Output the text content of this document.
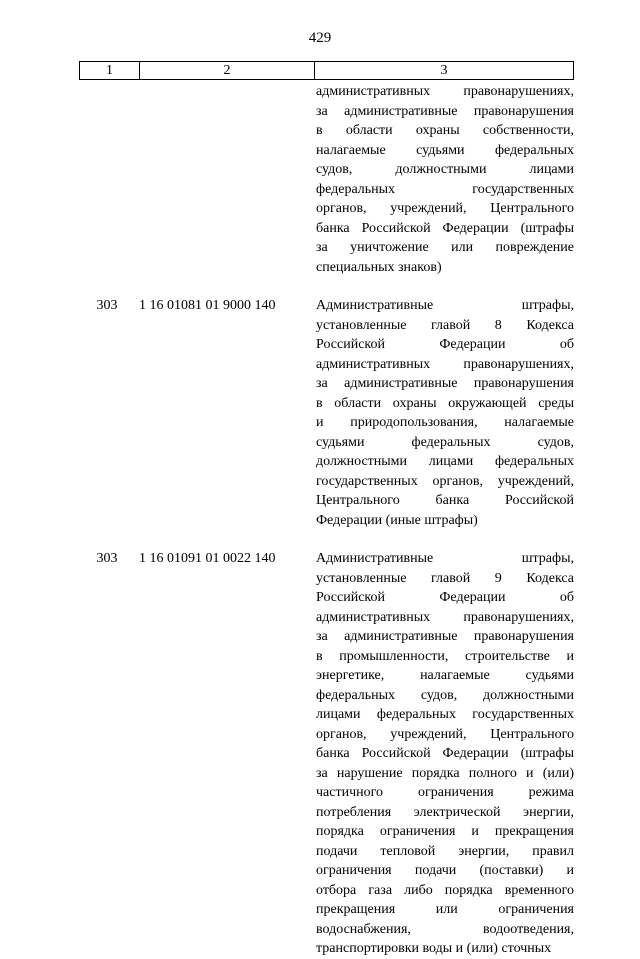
429
1	2	3
административных правонарушениях,
за административные правонарушения
в области охраны собственности,
налагаемые судьями федеральных
судов, должностными лицами
федеральных государственных
органов, учреждений, Центрального
банка Российской Федерации (штрафы
за уничтожение или повреждение
специальных знаков)
303	1 16 01081 01 9000 140	Административные штрафы,
установленные главой 8 Кодекса
Российской Федерации об
административных правонарушениях,
за административные правонарушения
в области охраны окружающей среды
и природопользования, налагаемые
судьями федеральных судов,
должностными лицами федеральных
государственных органов, учреждений,
Центрального банка Российской
Федерации (иные штрафы)
303	1 16 01091 01 0022 140	Административные штрафы,
установленные главой 9 Кодекса
Российской Федерации об
административных правонарушениях,
за административные правонарушения
в промышленности, строительстве и
энергетике, налагаемые судьями
федеральных судов, должностными
лицами федеральных государственных
органов, учреждений, Центрального
банка Российской Федерации (штрафы
за нарушение порядка полного и (или)
частичного ограничения режима
потребления электрической энергии,
порядка ограничения и прекращения
подачи тепловой энергии, правил
ограничения подачи (поставки) и
отбора газа либо порядка временного
прекращения или ограничения
водоснабжения, водоотведения,
транспортировки воды и (или) сточных
